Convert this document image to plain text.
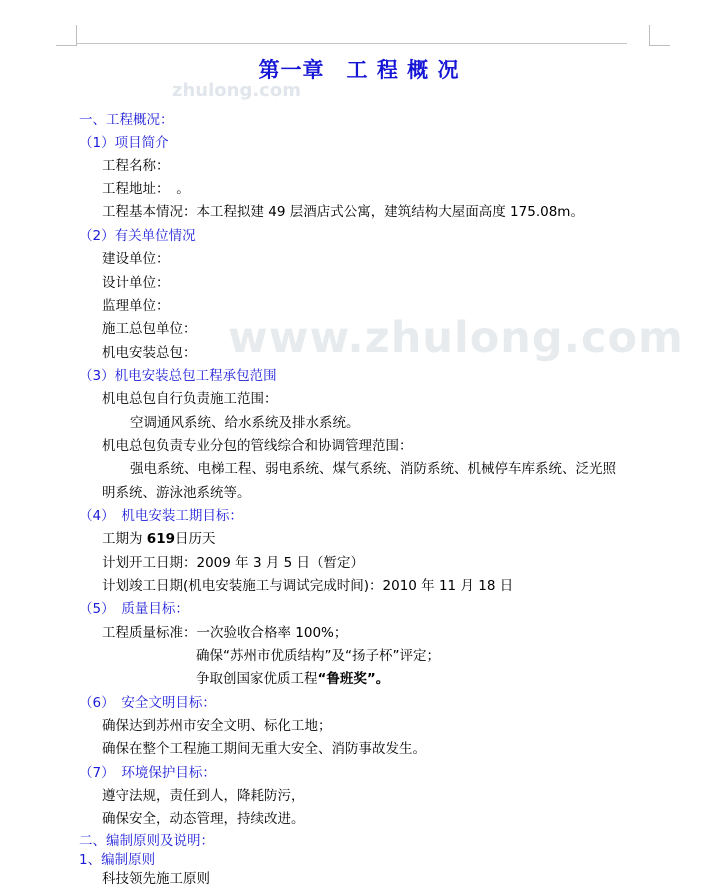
zhulong.com
www.zhulong.com
第一章　工 程 概 况
一、工程概况：
（1）项目简介
工程名称：
工程地址：　。
工程基本情况：本工程拟建 49 层酒店式公寓，建筑结构大屋面高度 175.08m。
（2）有关单位情况
建设单位：
设计单位：
监理单位：
施工总包单位：
机电安装总包：
（3）机电安装总包工程承包范围
机电总包自行负责施工范围：
空调通风系统、给水系统及排水系统。
机电总包负责专业分包的管线综合和协调管理范围：
强电系统、电梯工程、弱电系统、煤气系统、消防系统、机械停车库系统、泛光照
明系统、游泳池系统等。
（4）　机电安装工期目标：
工期为 619日历天
计划开工日期：2009 年 3 月 5 日（暂定）
计划竣工日期(机电安装施工与调试完成时间)：2010 年 11 月 18 日
（5）　质量目标：
工程质量标准：一次验收合格率 100%；
确保“苏州市优质结构”及“扬子杯”评定；
争取创国家优质工程“鲁班奖”。
（6）　安全文明目标：
确保达到苏州市安全文明、标化工地；
确保在整个工程施工期间无重大安全、消防事故发生。
（7）　环境保护目标：
遵守法规，责任到人，降耗防污，
确保安全，动态管理，持续改进。
二、编制原则及说明：
1、编制原则
科技领先施工原则
